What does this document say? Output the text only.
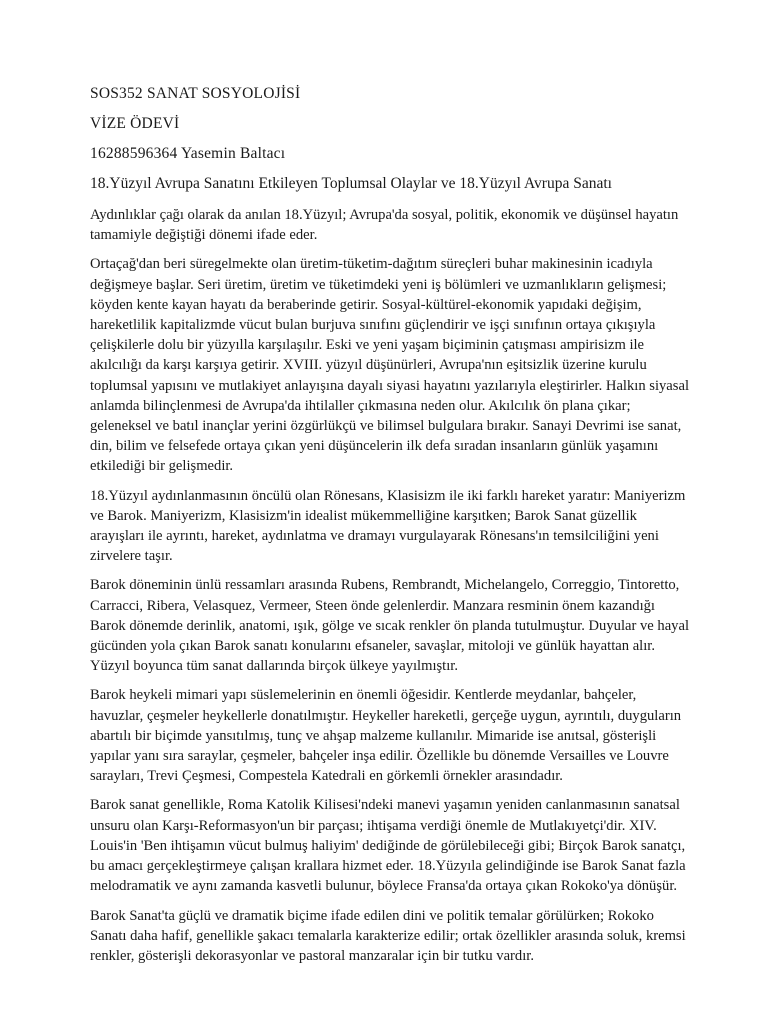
SOS352 SANAT SOSYOLOJİSİ
VİZE ÖDEVİ
16288596364 Yasemin Baltacı
18.Yüzyıl Avrupa Sanatını Etkileyen Toplumsal Olaylar ve 18.Yüzyıl Avrupa Sanatı

Aydınlıklar çağı olarak da anılan 18.Yüzyıl; Avrupa'da sosyal, politik, ekonomik ve düşünsel hayatın tamamiyle değiştiği dönemi ifade eder.

Ortaçağ'dan beri süregelmekte olan üretim-tüketim-dağıtım süreçleri buhar makinesinin icadıyla değişmeye başlar. Seri üretim, üretim ve tüketimdeki yeni iş bölümleri ve uzmanlıkların gelişmesi; köyden kente kayan hayatı da beraberinde getirir. Sosyal-kültürel-ekonomik yapıdaki değişim, hareketlilik kapitalizmde vücut bulan burjuva sınıfını güçlendirir ve işçi sınıfının ortaya çıkışıyla çelişkilerle dolu bir yüzyılla karşılaşılır. Eski ve yeni yaşam biçiminin çatışması ampirisizm ile akılcılığı da karşı karşıya getirir. XVIII. yüzyıl düşünürleri, Avrupa'nın eşitsizlik üzerine kurulu toplumsal yapısını ve mutlakiyet anlayışına dayalı siyasi hayatını yazılarıyla eleştirirler. Halkın siyasal anlamda bilinçlenmesi de Avrupa'da ihtilaller çıkmasına neden olur. Akılcılık ön plana çıkar; geleneksel ve batıl inançlar yerini özgürlükçü ve bilimsel bulgulara bırakır. Sanayi Devrimi ise sanat, din, bilim ve felsefede ortaya çıkan yeni düşüncelerin ilk defa sıradan insanların günlük yaşamını etkilediği bir gelişmedir.

18.Yüzyıl aydınlanmasının öncülü olan Rönesans, Klasisizm ile iki farklı hareket yaratır: Maniyerizm ve Barok. Maniyerizm, Klasisizm'in idealist mükemmelliğine karşıtken; Barok Sanat güzellik arayışları ile ayrıntı, hareket, aydınlatma ve dramayı vurgulayarak Rönesans'ın temsilciliğini yeni zirvelere taşır.

Barok döneminin ünlü ressamları arasında Rubens, Rembrandt, Michelangelo, Correggio, Tintoretto, Carracci, Ribera, Velasquez, Vermeer, Steen önde gelenlerdir. Manzara resminin önem kazandığı Barok dönemde derinlik, anatomi, ışık, gölge ve sıcak renkler ön planda tutulmuştur. Duyular ve hayal gücünden yola çıkan Barok sanatı konularını efsaneler, savaşlar, mitoloji ve günlük hayattan alır. Yüzyıl boyunca tüm sanat dallarında birçok ülkeye yayılmıştır.

Barok heykeli mimari yapı süslemelerinin en önemli öğesidir. Kentlerde meydanlar, bahçeler, havuzlar, çeşmeler heykellerle donatılmıştır. Heykeller hareketli, gerçeğe uygun, ayrıntılı, duyguların abartılı bir biçimde yansıtılmış, tunç ve ahşap malzeme kullanılır. Mimaride ise anıtsal, gösterişli yapılar yanı sıra saraylar, çeşmeler, bahçeler inşa edilir. Özellikle bu dönemde Versailles ve Louvre sarayları, Trevi Çeşmesi, Compestela Katedrali en görkemli örnekler arasındadır.

Barok sanat genellikle, Roma Katolik Kilisesi'ndeki manevi yaşamın yeniden canlanmasının sanatsal unsuru olan Karşı-Reformasyon'un bir parçası; ihtişama verdiği önemle de Mutlakıyetçi'dir. XIV. Louis'in 'Ben ihtişamın vücut bulmuş haliyim' dediğinde de görülebileceği gibi; Birçok Barok sanatçı, bu amacı gerçekleştirmeye çalışan krallara hizmet eder. 18.Yüzyıla gelindiğinde ise Barok Sanat fazla melodramatik ve aynı zamanda kasvetli bulunur, böylece Fransa'da ortaya çıkan Rokoko'ya dönüşür.

Barok Sanat'ta güçlü ve dramatik biçime ifade edilen dini ve politik temalar görülürken; Rokoko Sanatı daha hafif, genellikle şakacı temalarla karakterize edilir; ortak özellikler arasında soluk, kremsi renkler, gösterişli dekorasyonlar ve pastoral manzaralar için bir tutku vardır.
